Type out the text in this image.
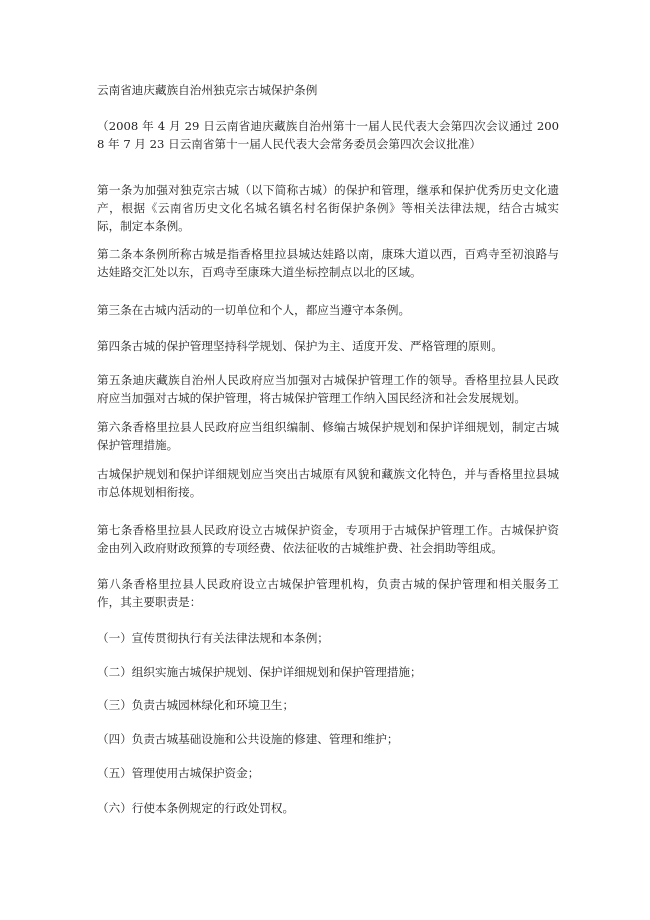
云南省迪庆藏族自治州独克宗古城保护条例

（2008 年 4 月 29 日云南省迪庆藏族自治州第十一届人民代表大会第四次会议通过 2008 年 7 月 23 日云南省第十一届人民代表大会常务委员会第四次会议批准）

第一条为加强对独克宗古城（以下简称古城）的保护和管理，继承和保护优秀历史文化遗产，根据《云南省历史文化名城名镇名村名街保护条例》等相关法律法规，结合古城实际，制定本条例。

第二条本条例所称古城是指香格里拉县城达娃路以南，康珠大道以西，百鸡寺至初浪路与达娃路交汇处以东，百鸡寺至康珠大道坐标控制点以北的区域。

第三条在古城内活动的一切单位和个人，都应当遵守本条例。

第四条古城的保护管理坚持科学规划、保护为主、适度开发、严格管理的原则。

第五条迪庆藏族自治州人民政府应当加强对古城保护管理工作的领导。香格里拉县人民政府应当加强对古城的保护管理，将古城保护管理工作纳入国民经济和社会发展规划。

第六条香格里拉县人民政府应当组织编制、修编古城保护规划和保护详细规划，制定古城保护管理措施。

古城保护规划和保护详细规划应当突出古城原有风貌和藏族文化特色，并与香格里拉县城市总体规划相衔接。

第七条香格里拉县人民政府设立古城保护资金，专项用于古城保护管理工作。古城保护资金由列入政府财政预算的专项经费、依法征收的古城维护费、社会捐助等组成。

第八条香格里拉县人民政府设立古城保护管理机构，负责古城的保护管理和相关服务工作，其主要职责是：

（一）宣传贯彻执行有关法律法规和本条例；

（二）组织实施古城保护规划、保护详细规划和保护管理措施；

（三）负责古城园林绿化和环境卫生；

（四）负责古城基础设施和公共设施的修建、管理和维护；

（五）管理使用古城保护资金；

（六）行使本条例规定的行政处罚权。
